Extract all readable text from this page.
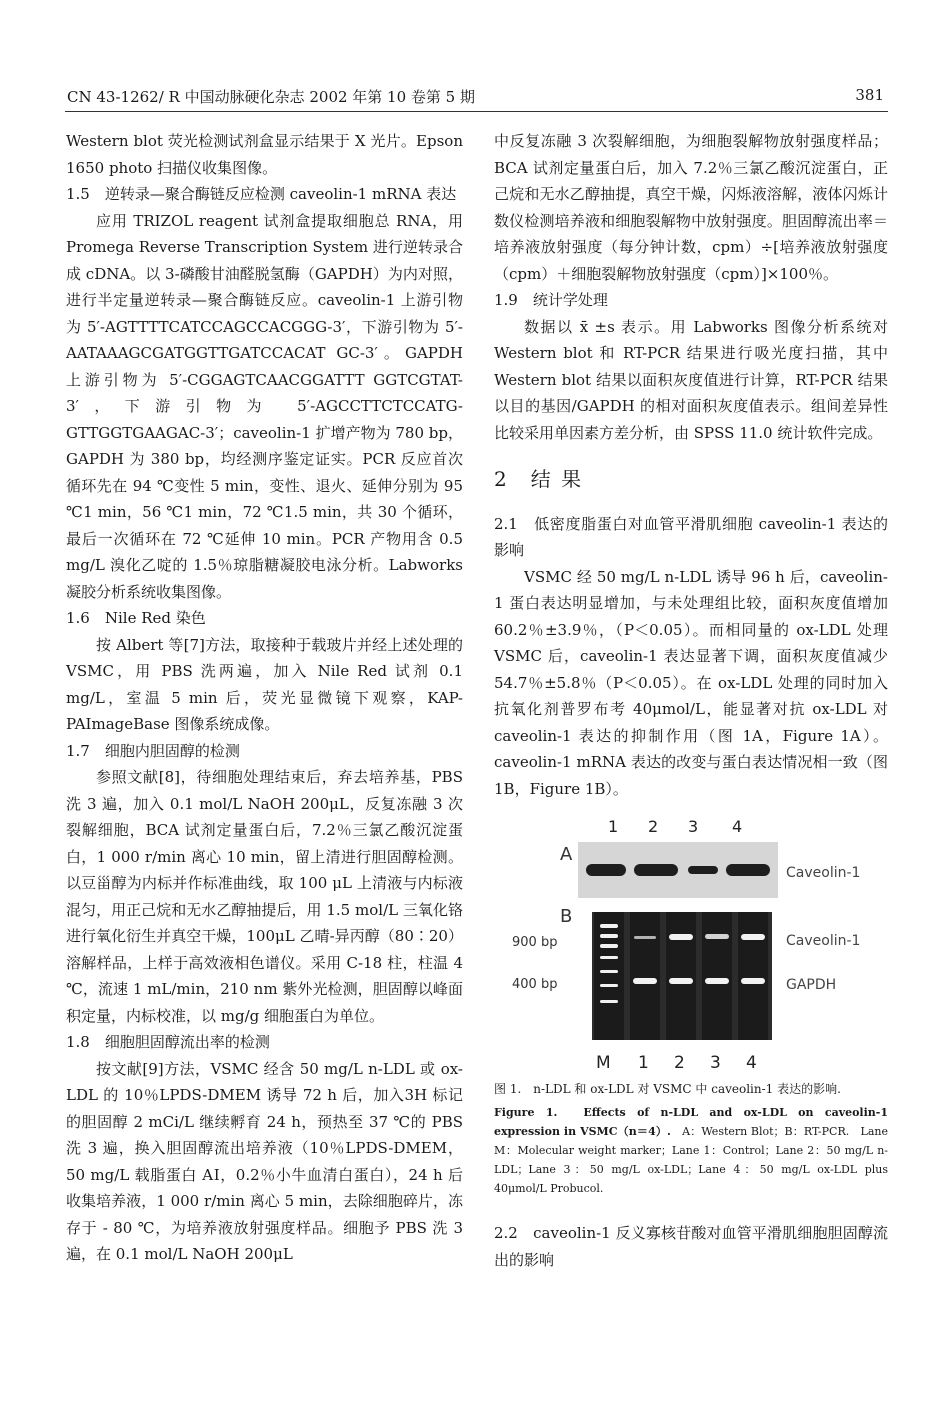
CN 43-1262/ R 中国动脉硬化杂志 2002 年第 10 卷第 5 期	381
Western blot 荧光检测试剂盒显示结果于 X 光片。Epson 1650 photo 扫描仪收集图像。
1.5　逆转录—聚合酶链反应检测 caveolin-1 mRNA 表达
应用 TRIZOL reagent 试剂盒提取细胞总 RNA，用 Promega Reverse Transcription System 进行逆转录合成 cDNA。以 3-磷酸甘油醛脱氢酶（GAPDH）为内对照，进行半定量逆转录—聚合酶链反应。caveolin-1 上游引物为 5′-AGTTTTCATCCAGCCACGGG-3′，下游引物为 5′-AATAAAGCGATGGTTGATCCACAT GC-3′。GAPDH 上游引物为 5′-CGGAGTCAACGGATTT GGTCGTAT-3′，下游引物为 5′-AGCCTTCTCCATG-GTTGGTGAAGAC-3′；caveolin-1 扩增产物为 780 bp，GAPDH 为 380 bp，均经测序鉴定证实。PCR 反应首次循环先在 94 ℃变性 5 min，变性、退火、延伸分别为 95 ℃1 min，56 ℃1 min，72 ℃1.5 min，共 30 个循环，最后一次循环在 72 ℃延伸 10 min。PCR 产物用含 0.5 mg/L 溴化乙啶的 1.5％琼脂糖凝胶电泳分析。Labworks 凝胶分析系统收集图像。
1.6　Nile Red 染色
按 Albert 等[7]方法，取接种于载玻片并经上述处理的 VSMC，用 PBS 洗两遍，加入 Nile Red 试剂 0.1 mg/L，室温 5 min 后，荧光显微镜下观察，KAP-PAImageBase 图像系统成像。
1.7　细胞内胆固醇的检测
参照文献[8]，待细胞处理结束后，弃去培养基，PBS 洗 3 遍，加入 0.1 mol/L NaOH 200μL，反复冻融 3 次裂解细胞，BCA 试剂定量蛋白后，7.2％三氯乙酸沉淀蛋白，1 000 r/min 离心 10 min，留上清进行胆固醇检测。以豆甾醇为内标并作标准曲线，取 100 μL 上清液与内标液混匀，用正己烷和无水乙醇抽提后，用 1.5 mol/L 三氧化铬进行氧化衍生并真空干燥，100μL 乙晴-异丙醇（80∶20）溶解样品，上样于高效液相色谱仪。采用 C-18 柱，柱温 4 ℃，流速 1 mL/min，210 nm 紫外光检测，胆固醇以峰面积定量，内标校准，以 mg/g 细胞蛋白为单位。
1.8　细胞胆固醇流出率的检测
按文献[9]方法，VSMC 经含 50 mg/L n-LDL 或 ox-LDL 的 10％LPDS-DMEM 诱导 72 h 后，加入3H 标记的胆固醇 2 mCi/L 继续孵育 24 h，预热至 37 ℃的 PBS 洗 3 遍，换入胆固醇流出培养液（10％LPDS-DMEM，50 mg/L 载脂蛋白 AⅠ，0.2％小牛血清白蛋白），24 h 后收集培养液，1 000 r/min 离心 5 min，去除细胞碎片，冻存于 - 80 ℃，为培养液放射强度样品。细胞予 PBS 洗 3 遍，在 0.1 mol/L NaOH 200μL
中反复冻融 3 次裂解细胞，为细胞裂解物放射强度样品；BCA 试剂定量蛋白后，加入 7.2％三氯乙酸沉淀蛋白，正己烷和无水乙醇抽提，真空干燥，闪烁液溶解，液体闪烁计数仪检测培养液和细胞裂解物中放射强度。胆固醇流出率＝培养液放射强度（每分钟计数，cpm）÷[培养液放射强度（cpm）＋细胞裂解物放射强度（cpm）]×100％。
1.9　统计学处理
数据以 x̄ ±s 表示。用 Labworks 图像分析系统对 Western blot 和 RT-PCR 结果进行吸光度扫描，其中 Western blot 结果以面积灰度值进行计算，RT-PCR 结果以目的基因/GAPDH 的相对面积灰度值表示。组间差异性比较采用单因素方差分析，由 SPSS 11.0 统计软件完成。
2　结 果
2.1　低密度脂蛋白对血管平滑肌细胞 caveolin-1 表达的影响
VSMC 经 50 mg/L n-LDL 诱导 96 h 后，caveolin-1 蛋白表达明显增加，与未处理组比较，面积灰度值增加 60.2％±3.9％，（P＜0.05）。而相同量的 ox-LDL 处理 VSMC 后，caveolin-1 表达显著下调，面积灰度值减少 54.7％±5.8％（P＜0.05）。在 ox-LDL 处理的同时加入抗氧化剂普罗布考 40μmol/L，能显著对抗 ox-LDL 对 caveolin-1 表达的抑制作用（图 1A，Figure 1A）。caveolin-1 mRNA 表达的改变与蛋白表达情况相一致（图 1B，Figure 1B）。
1 2 3 4
A
Caveolin-1
B
900 bp
400 bp
Caveolin-1
GAPDH
M 1 2 3 4
图 1.　n-LDL 和 ox-LDL 对 VSMC 中 caveolin-1 表达的影响.
Figure 1.　Effects of n-LDL and ox-LDL on caveolin-1 expression in VSMC（n＝4）.　A：Western Blot；B：RT-PCR.　Lane M：Molecular weight marker；Lane 1：Control；Lane 2：50 mg/L n-LDL；Lane 3：50 mg/L ox-LDL；Lane 4：50 mg/L ox-LDL plus 40μmol/L Probucol.
2.2　caveolin-1 反义寡核苷酸对血管平滑肌细胞胆固醇流出的影响
